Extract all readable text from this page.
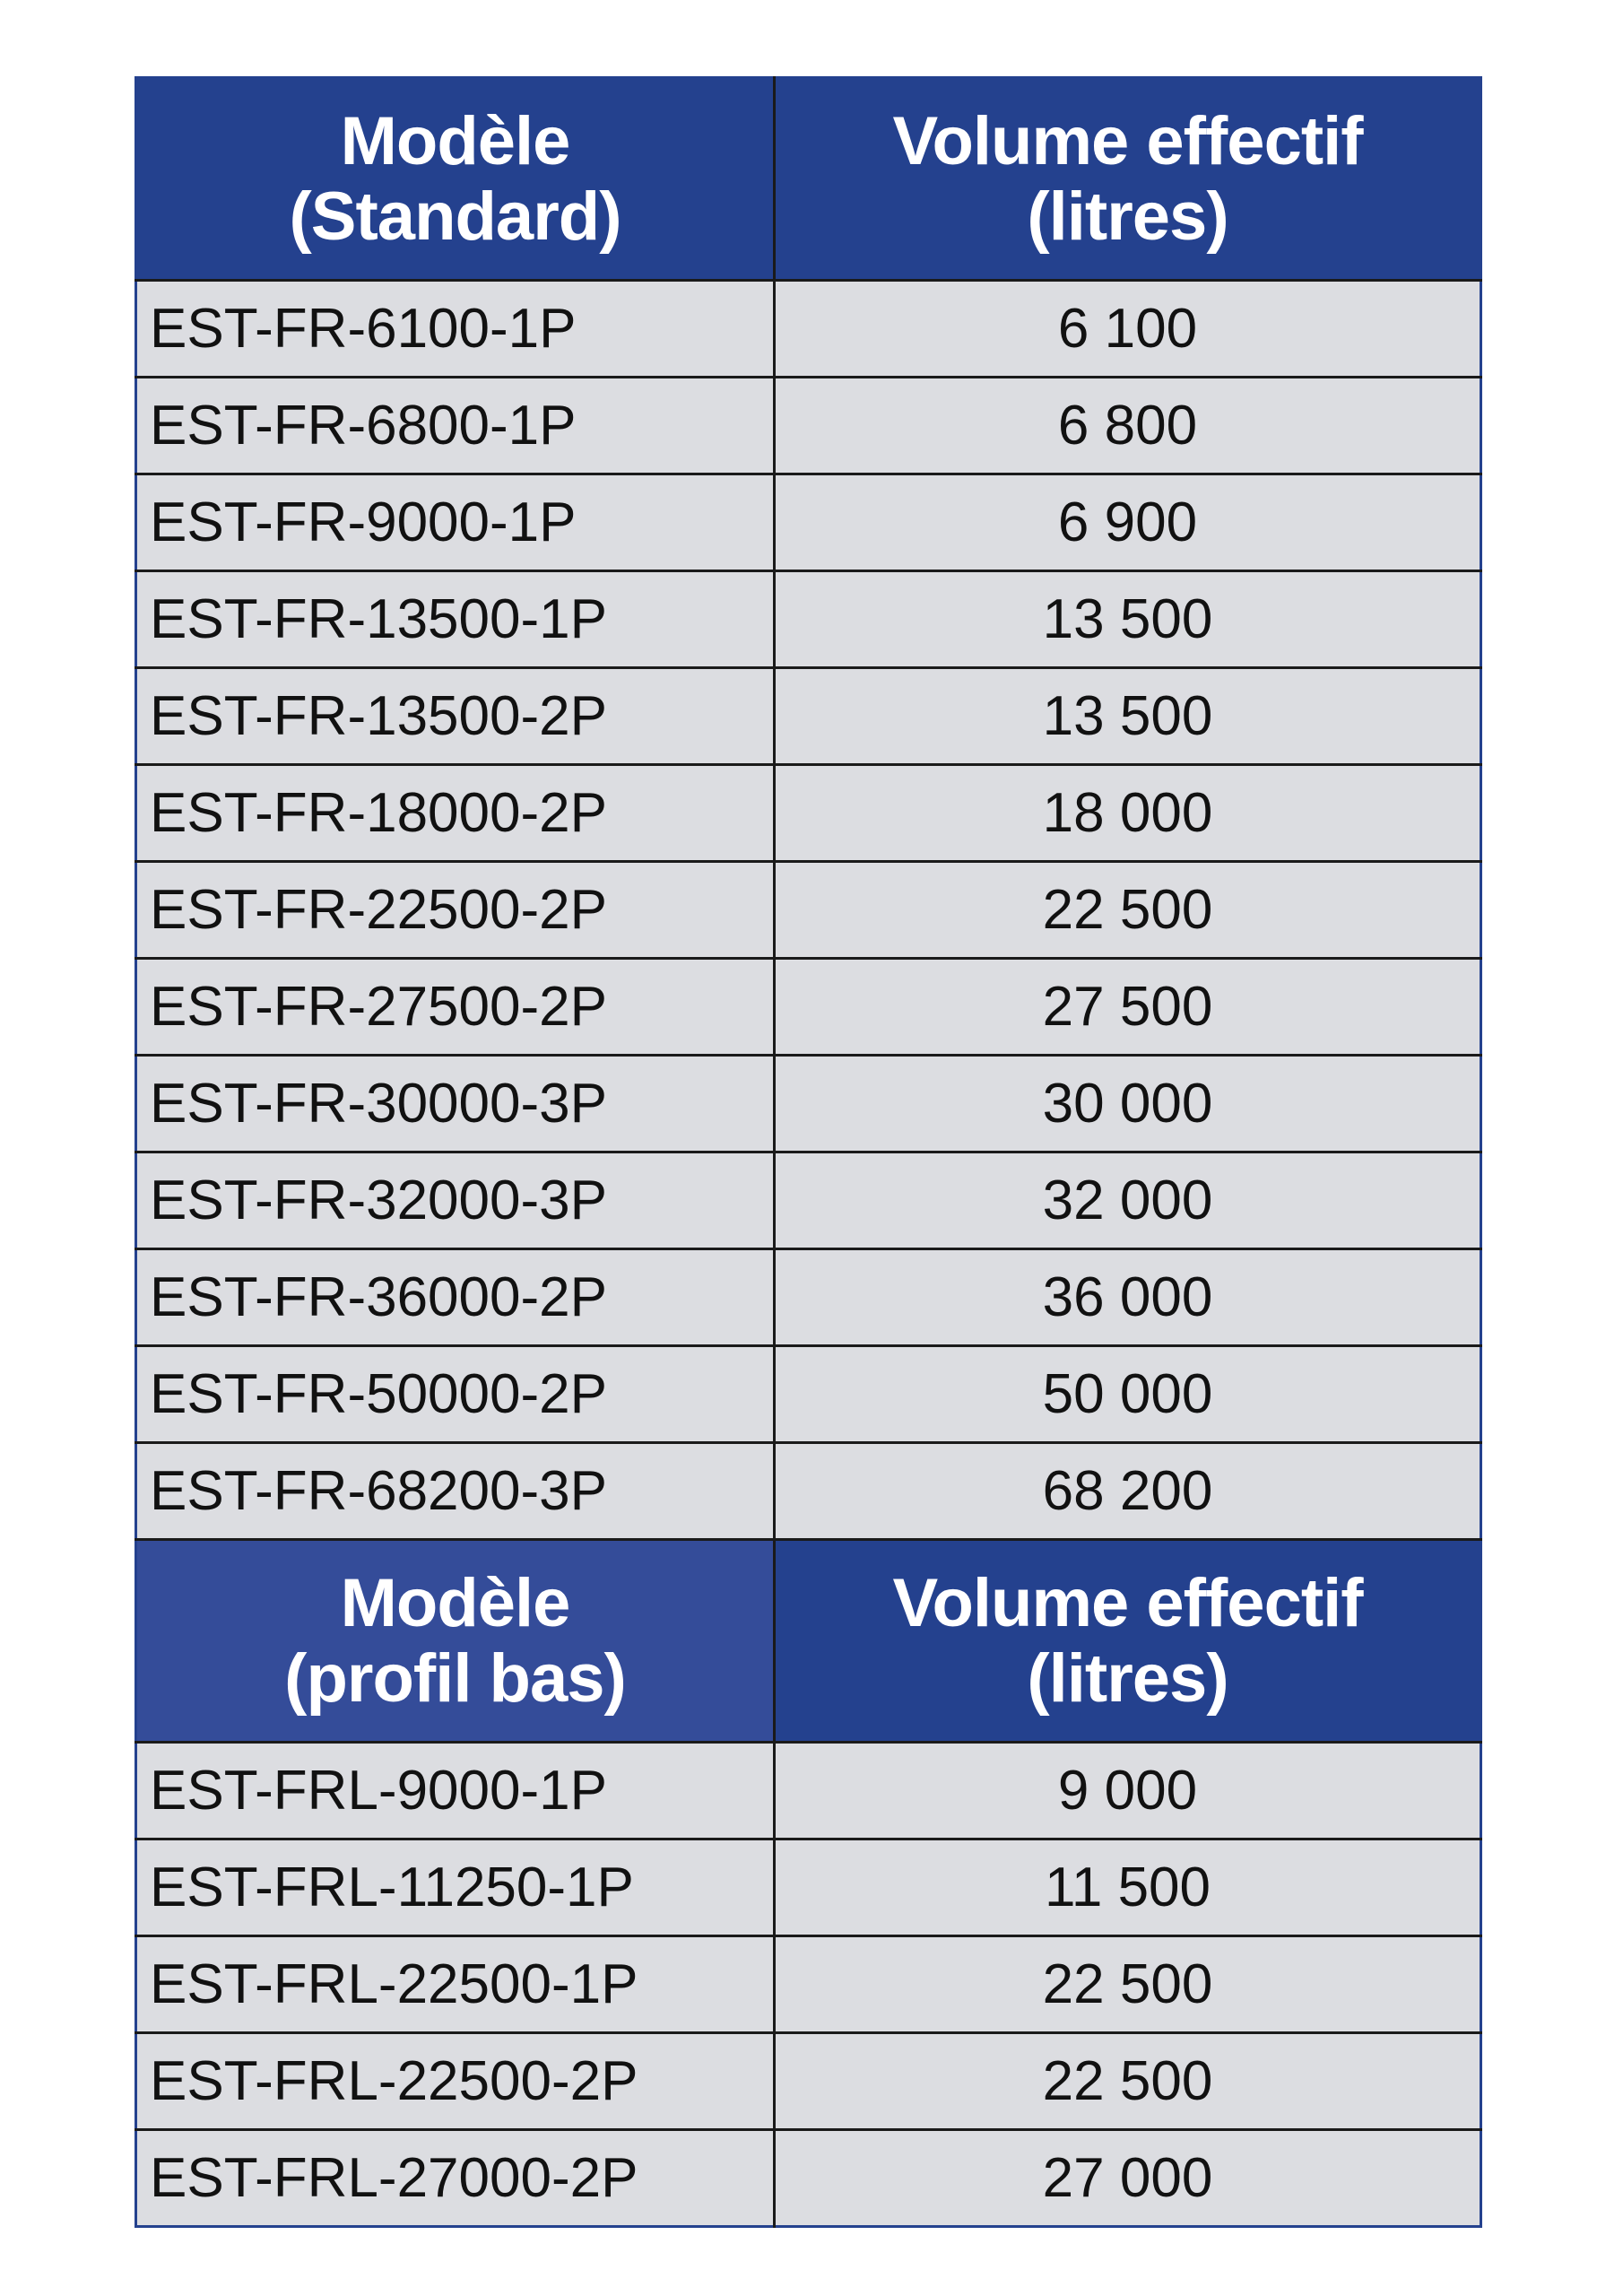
Modèle
(Standard)	Volume effectif
(litres)

EST-FR-6100-1P	6 100
EST-FR-6800-1P	6 800
EST-FR-9000-1P	6 900
EST-FR-13500-1P	13 500
EST-FR-13500-2P	13 500
EST-FR-18000-2P	18 000
EST-FR-22500-2P	22 500
EST-FR-27500-2P	27 500
EST-FR-30000-3P	30 000
EST-FR-32000-3P	32 000
EST-FR-36000-2P	36 000
EST-FR-50000-2P	50 000
EST-FR-68200-3P	68 200

Modèle
(profil bas)	Volume effectif
(litres)

EST-FRL-9000-1P	9 000
EST-FRL-11250-1P	11 500
EST-FRL-22500-1P	22 500
EST-FRL-22500-2P	22 500
EST-FRL-27000-2P	27 000
